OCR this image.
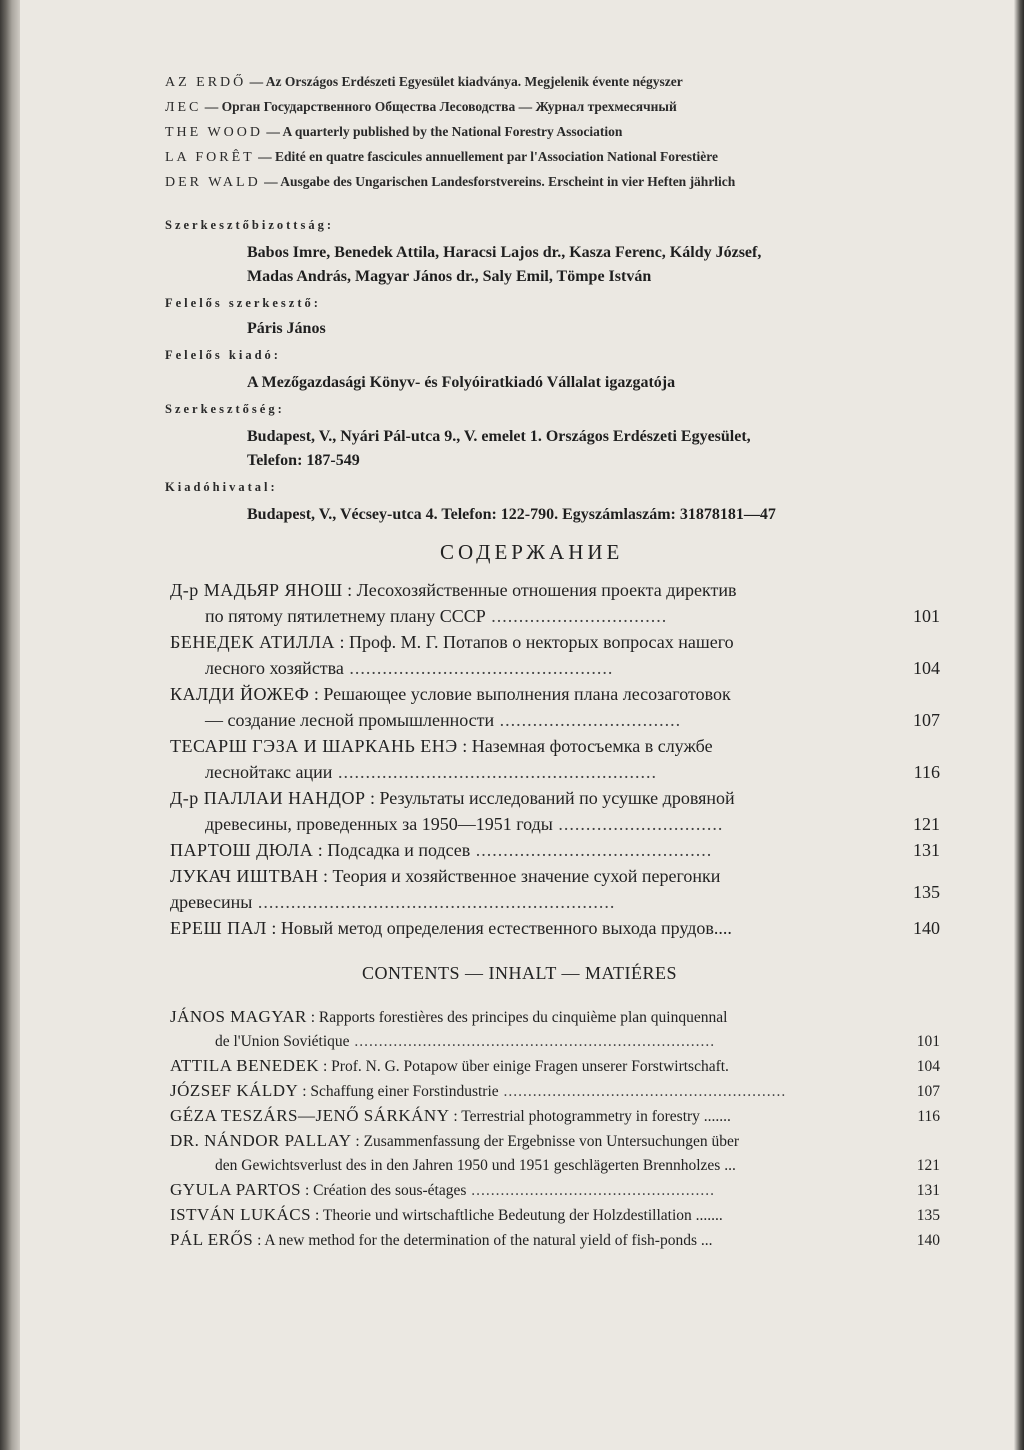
AZ ERDŐ — Az Országos Erdészeti Egyesület kiadványa. Megjelenik évente négyszer
ЛЕС — Орган Государственного Общества Лесоводства — Журнал трехмесячный
THE WOOD — A quarterly published by the National Forestry Association
LA FORÊT — Edité en quatre fascicules annuellement par l'Association National Forestière
DER WALD — Ausgabe des Ungarischen Landesforstvereins. Erscheint in vier Heften jährlich
Szerkesztőbizottság:
Babos Imre, Benedek Attila, Haracsi Lajos dr., Kasza Ferenc, Káldy József,
Madas András, Magyar János dr., Saly Emil, Tömpe István
Felelős szerkesztő:
Páris János
Felelős kiadó:
A Mezőgazdasági Könyv- és Folyóiratkiadó Vállalat igazgatója
Szerkesztőség:
Budapest, V., Nyári Pál-utca 9., V. emelet 1. Országos Erdészeti Egyesület,
Telefon: 187-549
Kiadóhivatal:
Budapest, V., Vécsey-utca 4. Telefon: 122-790. Egyszámlaszám: 31878181—47
СОДЕРЖАНИЕ
Д-р МАДЬЯР ЯНОШ : Лесохозяйственные отношения проекта директив
по пятому пятилетнему плану СССР ................................	101
БЕНЕДЕК АТИЛЛА : Проф. М. Г. Потапов о некторых вопросах нашего
лесного хозяйства ................................................	104
КАЛДИ ЙОЖЕФ : Решающее условие выполнения плана лесозаготовок
— создание лесной промышленности .................................	107
ТЕСАРШ ГЭЗА И ШАРКАНЬ ЕНЭ : Наземная фотосъемка в службе
леснойтакс ации ..........................................................	116
Д-р ПАЛЛАИ НАНДОР : Результаты исследований по усушке дровяной
древесины, проведенных за 1950—1951 годы ..............................	121
ПАРТОШ ДЮЛА : Подсадка и подсев ...........................................	131
ЛУКАЧ ИШТВАН : Теория и хозяйственное значение сухой перегонки
древесины .................................................................	135
ЕРЕШ ПАЛ : Новый метод определения естественного выхода прудов....	140
CONTENTS — INHALT — MATIÉRES
JÁNOS MAGYAR : Rapports forestières des principes du cinquième plan quinquennal
de l'Union Soviétique ..........................................................................	101
ATTILA BENEDEK : Prof. N. G. Potapow über einige Fragen unserer Forstwirtschaft.	104
JÓZSEF KÁLDY : Schaffung einer Forstindustrie ..........................................................	107
GÉZA TESZÁRS—JENŐ SÁRKÁNY : Terrestrial photogrammetry in forestry .......	116
DR. NÁNDOR PALLAY : Zusammenfassung der Ergebnisse von Untersuchungen über
den Gewichtsverlust des in den Jahren 1950 und 1951 geschlägerten Brennholzes ...	121
GYULA PARTOS : Création des sous-étages ..................................................	131
ISTVÁN LUKÁCS : Theorie und wirtschaftliche Bedeutung der Holzdestillation .......	135
PÁL ERŐS : A new method for the determination of the natural yield of fish-ponds ...	140
